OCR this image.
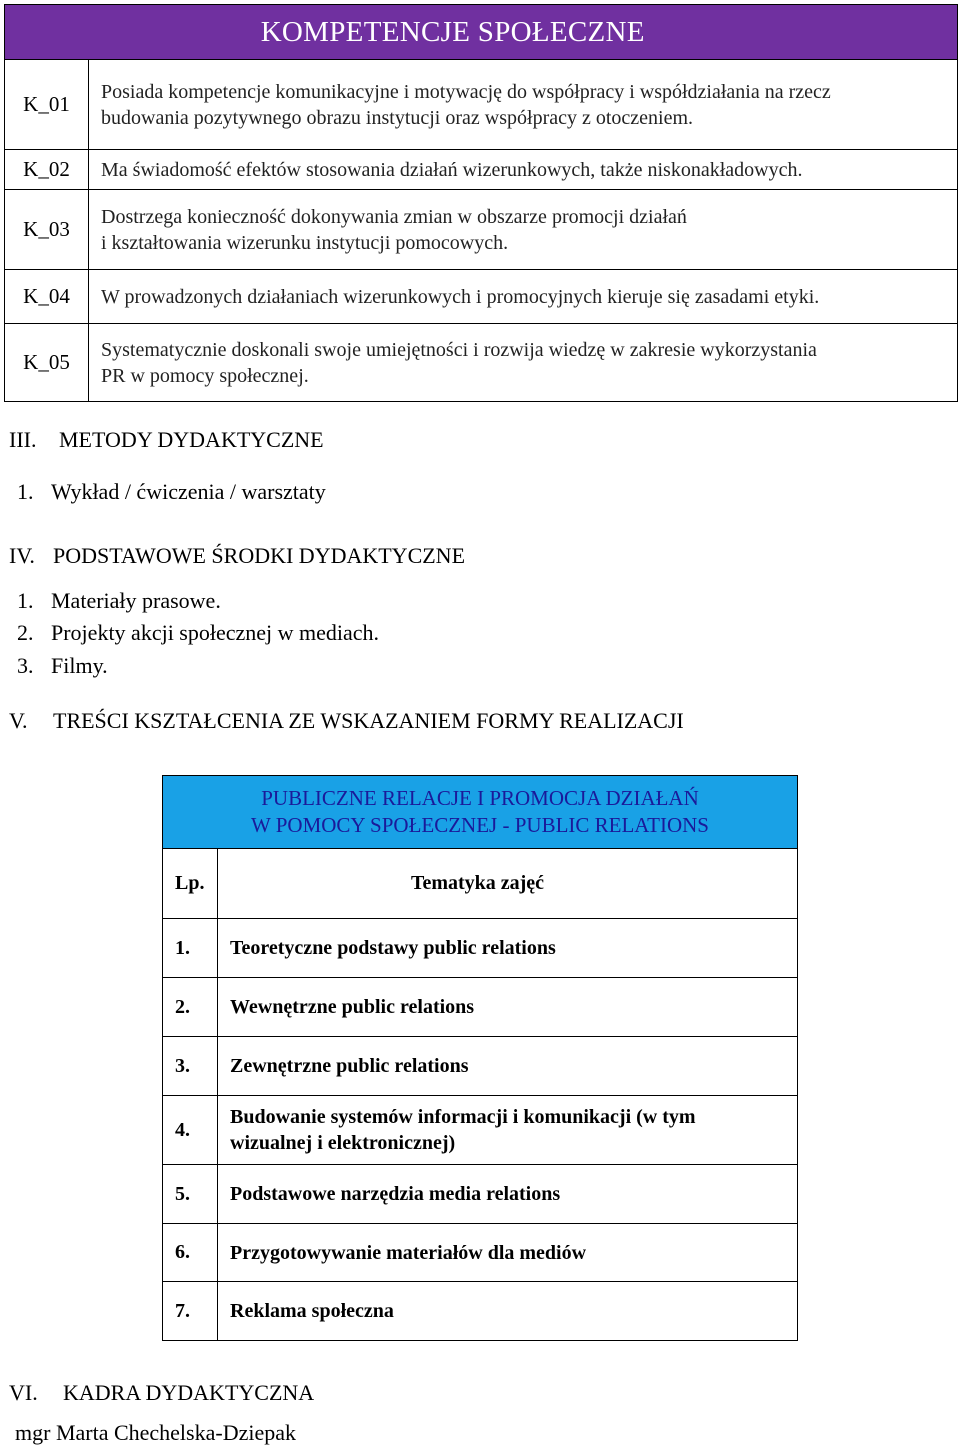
	KOMPETENCJE SPOŁECZNE

K_01	Posiada kompetencje komunikacyjne i motywację do współpracy i współdziałania na rzecz
budowania pozytywnego obrazu instytucji oraz współpracy z otoczeniem.

K_02	Ma świadomość efektów stosowania działań wizerunkowych, także niskonakładowych.

K_03	Dostrzega konieczność dokonywania zmian w obszarze promocji działań
i kształtowania wizerunku instytucji pomocowych.

K_04	W prowadzonych działaniach wizerunkowych i promocyjnych kieruje się zasadami etyki.

K_05	Systematycznie doskonali swoje umiejętności i rozwija wiedzę w zakresie wykorzystania
PR w pomocy społecznej.
III. METODY DYDAKTYCZNE
1. Wykład / ćwiczenia / warsztaty
IV. PODSTAWOWE ŚRODKI DYDAKTYCZNE
1. Materiały prasowe.
2. Projekty akcji społecznej w mediach.
3. Filmy.
V. TREŚCI KSZTAŁCENIA ZE WSKAZANIEM FORMY REALIZACJI
PUBLICZNE RELACJE I PROMOCJA DZIAŁAŃ
W POMOCY SPOŁECZNEJ - PUBLIC RELATIONS	

Lp.	Tematyka zajęć
1.	Teoretyczne podstawy public relations
2.	Wewnętrzne public relations
3.	Zewnętrzne public relations
4.	Budowanie systemów informacji i komunikacji (w tym
wizualnej i elektronicznej)

5.	Podstawowe narzędzia media relations
6.	Przygotowywanie materiałów dla mediów
7.	Reklama społeczna
VI. KADRA DYDAKTYCZNA
mgr Marta Chechelska-Dziepak
